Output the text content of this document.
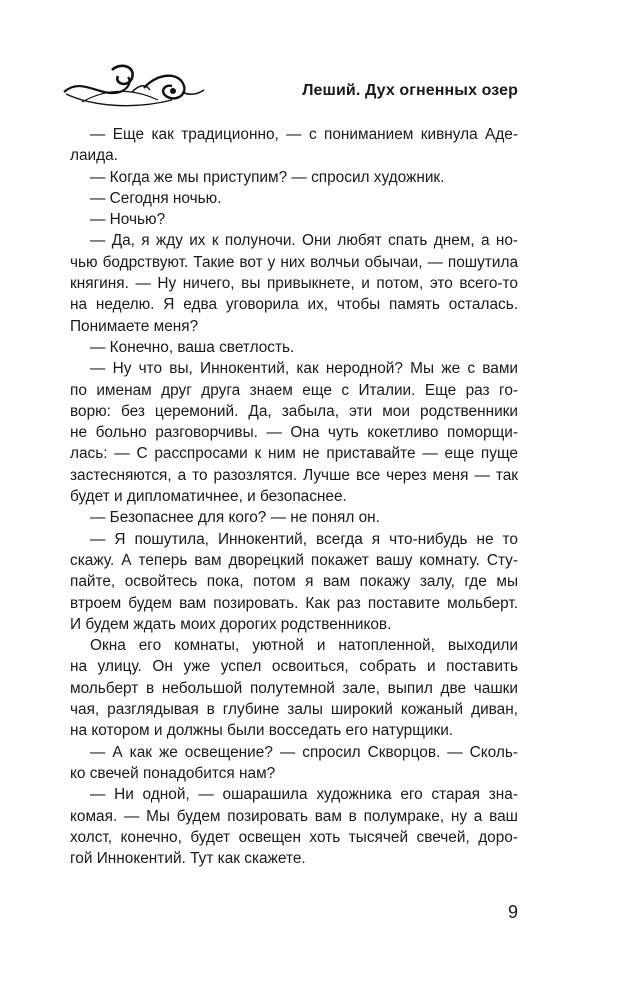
Леший. Дух огненных озер
— Еще как традиционно, — с пониманием кивнула Аде-
лаида.
— Когда же мы приступим? — спросил художник.
— Сегодня ночью.
— Ночью?
— Да, я жду их к полуночи. Они любят спать днем, а но-
чью бодрствуют. Такие вот у них волчьи обычаи, — пошутила
княгиня. — Ну ничего, вы привыкнете, и потом, это всего-то
на неделю. Я едва уговорила их, чтобы память осталась.
Понимаете меня?
— Конечно, ваша светлость.
— Ну что вы, Иннокентий, как неродной? Мы же с вами
по именам друг друга знаем еще с Италии. Еще раз го-
ворю: без церемоний. Да, забыла, эти мои родственники
не больно разговорчивы. — Она чуть кокетливо поморщи-
лась: — С расспросами к ним не приставайте — еще пуще
застесняются, а то разозлятся. Лучше все через меня — так
будет и дипломатичнее, и безопаснее.
— Безопаснее для кого? — не понял он.
— Я пошутила, Иннокентий, всегда я что-нибудь не то
скажу. А теперь вам дворецкий покажет вашу комнату. Сту-
пайте, освойтесь пока, потом я вам покажу залу, где мы
втроем будем вам позировать. Как раз поставите мольберт.
И будем ждать моих дорогих родственников.
Окна его комнаты, уютной и натопленной, выходили
на улицу. Он уже успел освоиться, собрать и поставить
мольберт в небольшой полутемной зале, выпил две чашки
чая, разглядывая в глубине залы широкий кожаный диван,
на котором и должны были восседать его натурщики.
— А как же освещение? — спросил Скворцов. — Сколь-
ко свечей понадобится нам?
— Ни одной, — ошарашила художника его старая зна-
комая. — Мы будем позировать вам в полумраке, ну а ваш
холст, конечно, будет освещен хоть тысячей свечей, доро-
гой Иннокентий. Тут как скажете.
9
